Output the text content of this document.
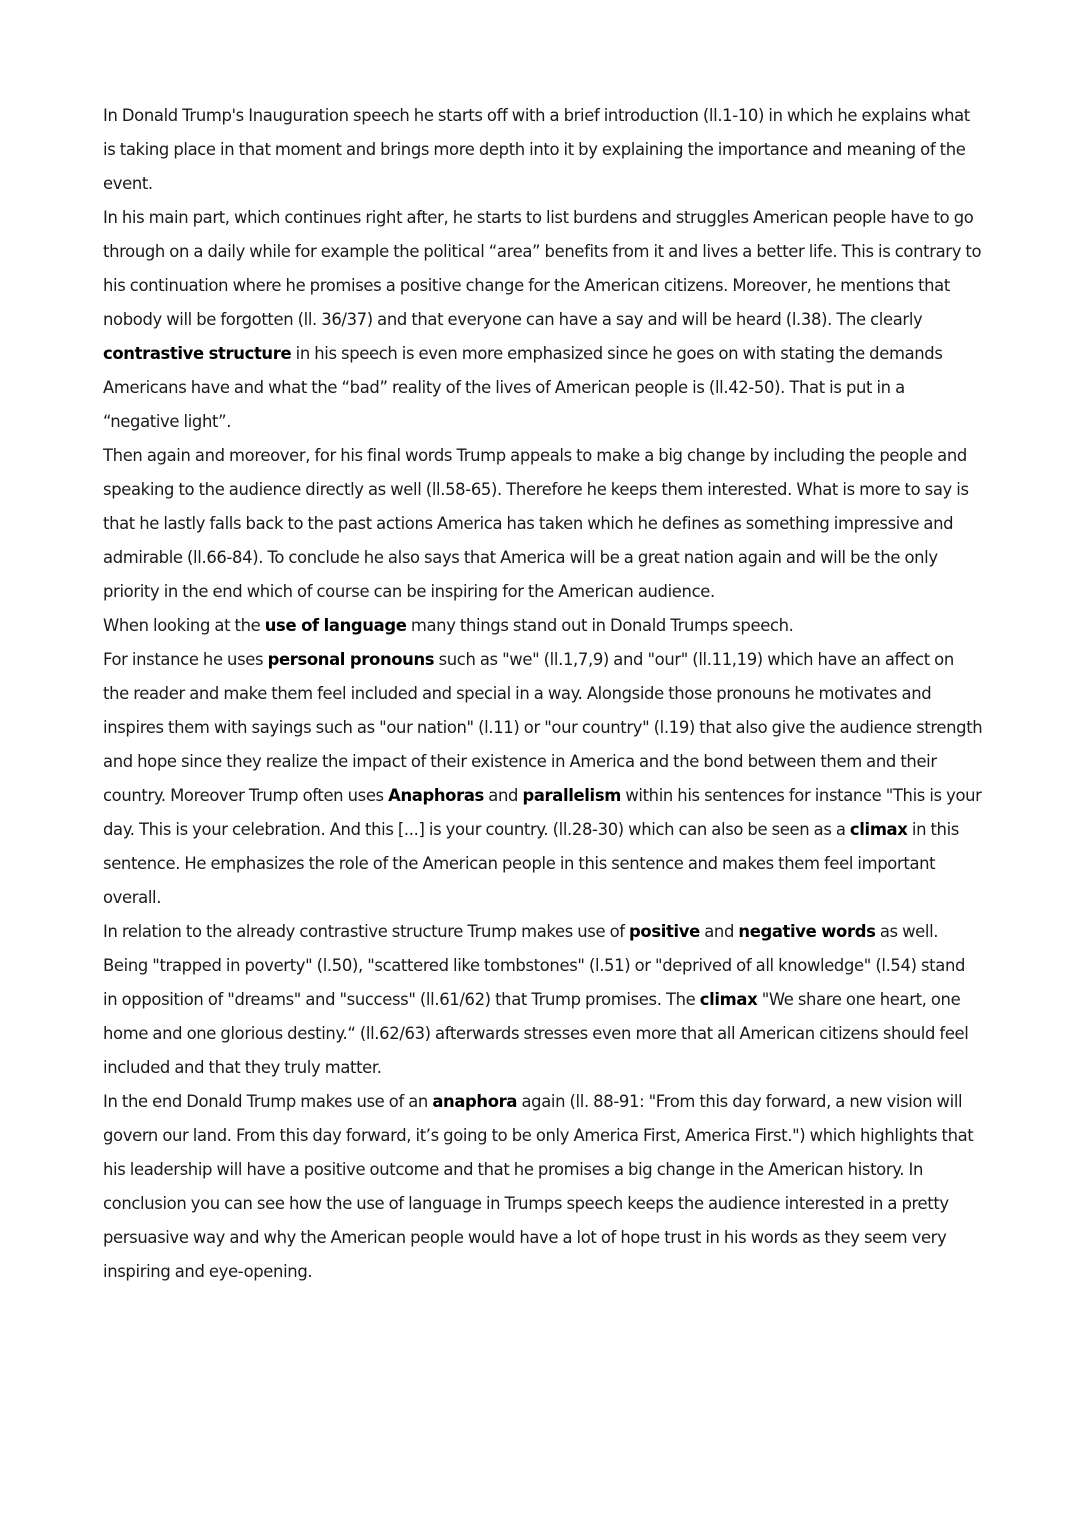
In Donald Trump's Inauguration speech he starts off with a brief introduction (ll.1-10) in which he explains what is taking place in that moment and brings more depth into it by explaining the importance and meaning of the event.

In his main part, which continues right after, he starts to list burdens and struggles American people have to go through on a daily while for example the political “area” benefits from it and lives a better life. This is contrary to his continuation where he promises a positive change for the American citizens. Moreover, he mentions that nobody will be forgotten (ll. 36/37) and that everyone can have a say and will be heard (l.38). The clearly contrastive structure in his speech is even more emphasized since he goes on with stating the demands Americans have and what the “bad” reality of the lives of American people is (ll.42-50). That is put in a “negative light”.

Then again and moreover, for his final words Trump appeals to make a big change by including the people and speaking to the audience directly as well (ll.58-65). Therefore he keeps them interested. What is more to say is that he lastly falls back to the past actions America has taken which he defines as something impressive and admirable (ll.66-84). To conclude he also says that America will be a great nation again and will be the only priority in the end which of course can be inspiring for the American audience.

When looking at the use of language many things stand out in Donald Trumps speech.

For instance he uses personal pronouns such as "we" (ll.1,7,9) and "our" (ll.11,19) which have an affect on the reader and make them feel included and special in a way. Alongside those pronouns he motivates and inspires them with sayings such as "our nation" (l.11) or "our country" (l.19) that also give the audience strength and hope since they realize the impact of their existence in America and the bond between them and their country. Moreover Trump often uses Anaphoras and parallelism within his sentences for instance "This is your day. This is your celebration. And this [...] is your country. (ll.28-30) which can also be seen as a climax in this sentence. He emphasizes the role of the American people in this sentence and makes them feel important overall.

In relation to the already contrastive structure Trump makes use of positive and negative words as well. Being "trapped in poverty" (l.50), "scattered like tombstones" (l.51) or "deprived of all knowledge" (l.54) stand in opposition of "dreams" and "success" (ll.61/62) that Trump promises. The climax "We share one heart, one home and one glorious destiny.“ (ll.62/63) afterwards stresses even more that all American citizens should feel included and that they truly matter.

In the end Donald Trump makes use of an anaphora again (ll. 88-91: "From this day forward, a new vision will govern our land. From this day forward, it’s going to be only America First, America First.") which highlights that his leadership will have a positive outcome and that he promises a big change in the American history. In conclusion you can see how the use of language in Trumps speech keeps the audience interested in a pretty persuasive way and why the American people would have a lot of hope trust in his words as they seem very inspiring and eye-opening.
